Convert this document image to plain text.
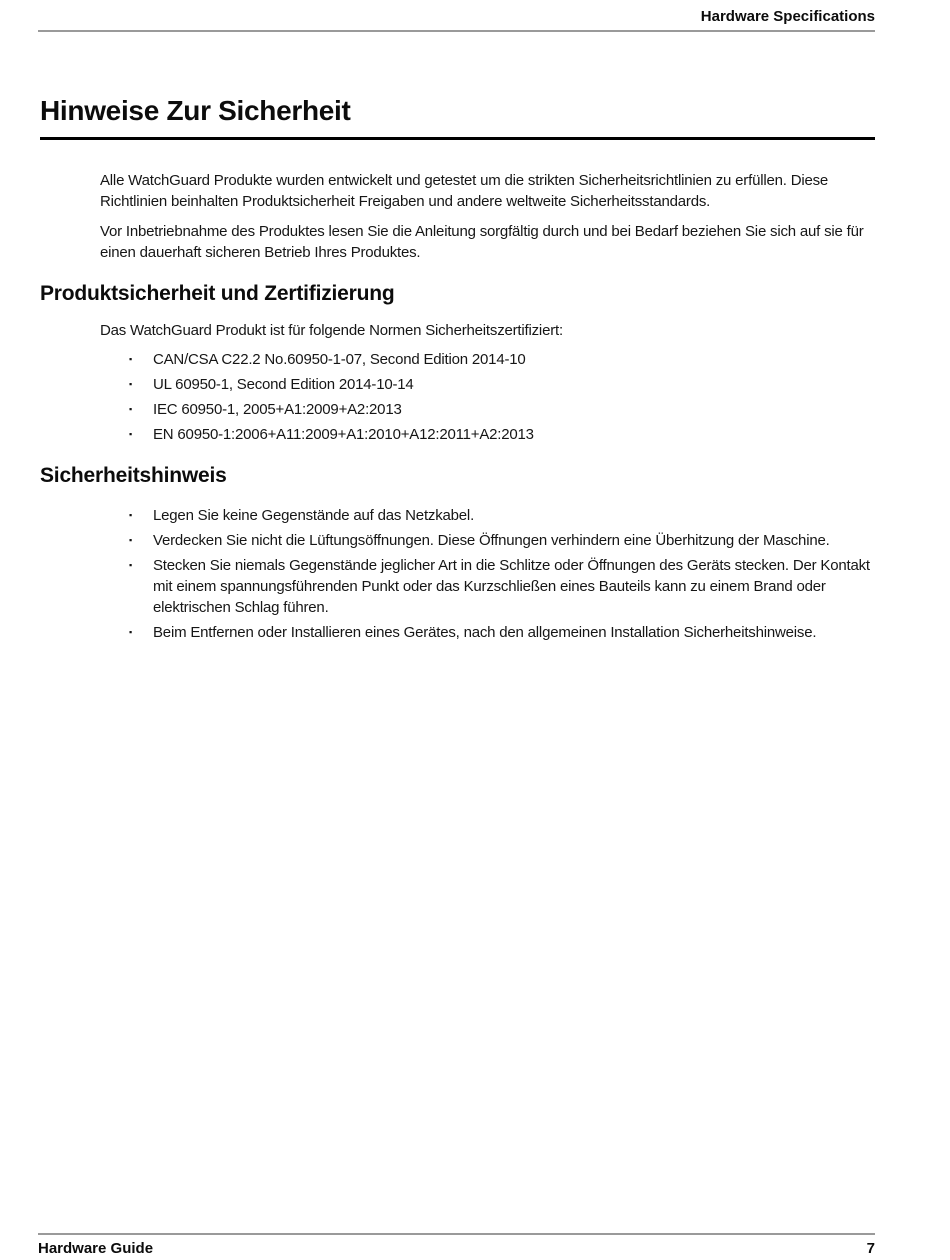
Hardware Specifications
Hinweise Zur Sicherheit

Alle WatchGuard Produkte wurden entwickelt und getestet um die strikten Sicherheitsrichtlinien zu erfüllen. Diese Richtlinien beinhalten Produktsicherheit Freigaben und andere weltweite Sicherheitsstandards.

Vor Inbetriebnahme des Produktes lesen Sie die Anleitung sorgfältig durch und bei Bedarf beziehen Sie sich auf sie für einen dauerhaft sicheren Betrieb Ihres Produktes.

Produktsicherheit und Zertifizierung

Das WatchGuard Produkt ist für folgende Normen Sicherheitszertifiziert:

▪	CAN/CSA C22.2 No.60950-1-07, Second Edition 2014-10
▪	UL 60950-1, Second Edition 2014-10-14
▪	IEC 60950-1, 2005+A1:2009+A2:2013
▪	EN 60950-1:2006+A11:2009+A1:2010+A12:2011+A2:2013
Sicherheitshinweis
▪	Legen Sie keine Gegenstände auf das Netzkabel.
▪	Verdecken Sie nicht die Lüftungsöffnungen. Diese Öffnungen verhindern eine Überhitzung der Maschine.
▪	Stecken Sie niemals Gegenstände jeglicher Art in die Schlitze oder Öffnungen des Geräts stecken. Der Kontakt mit einem spannungsführenden Punkt oder das Kurzschließen eines Bauteils kann zu einem Brand oder elektrischen Schlag führen.
▪	Beim Entfernen oder Installieren eines Gerätes, nach den allgemeinen Installation Sicherheitshinweise.
Hardware Guide	7
